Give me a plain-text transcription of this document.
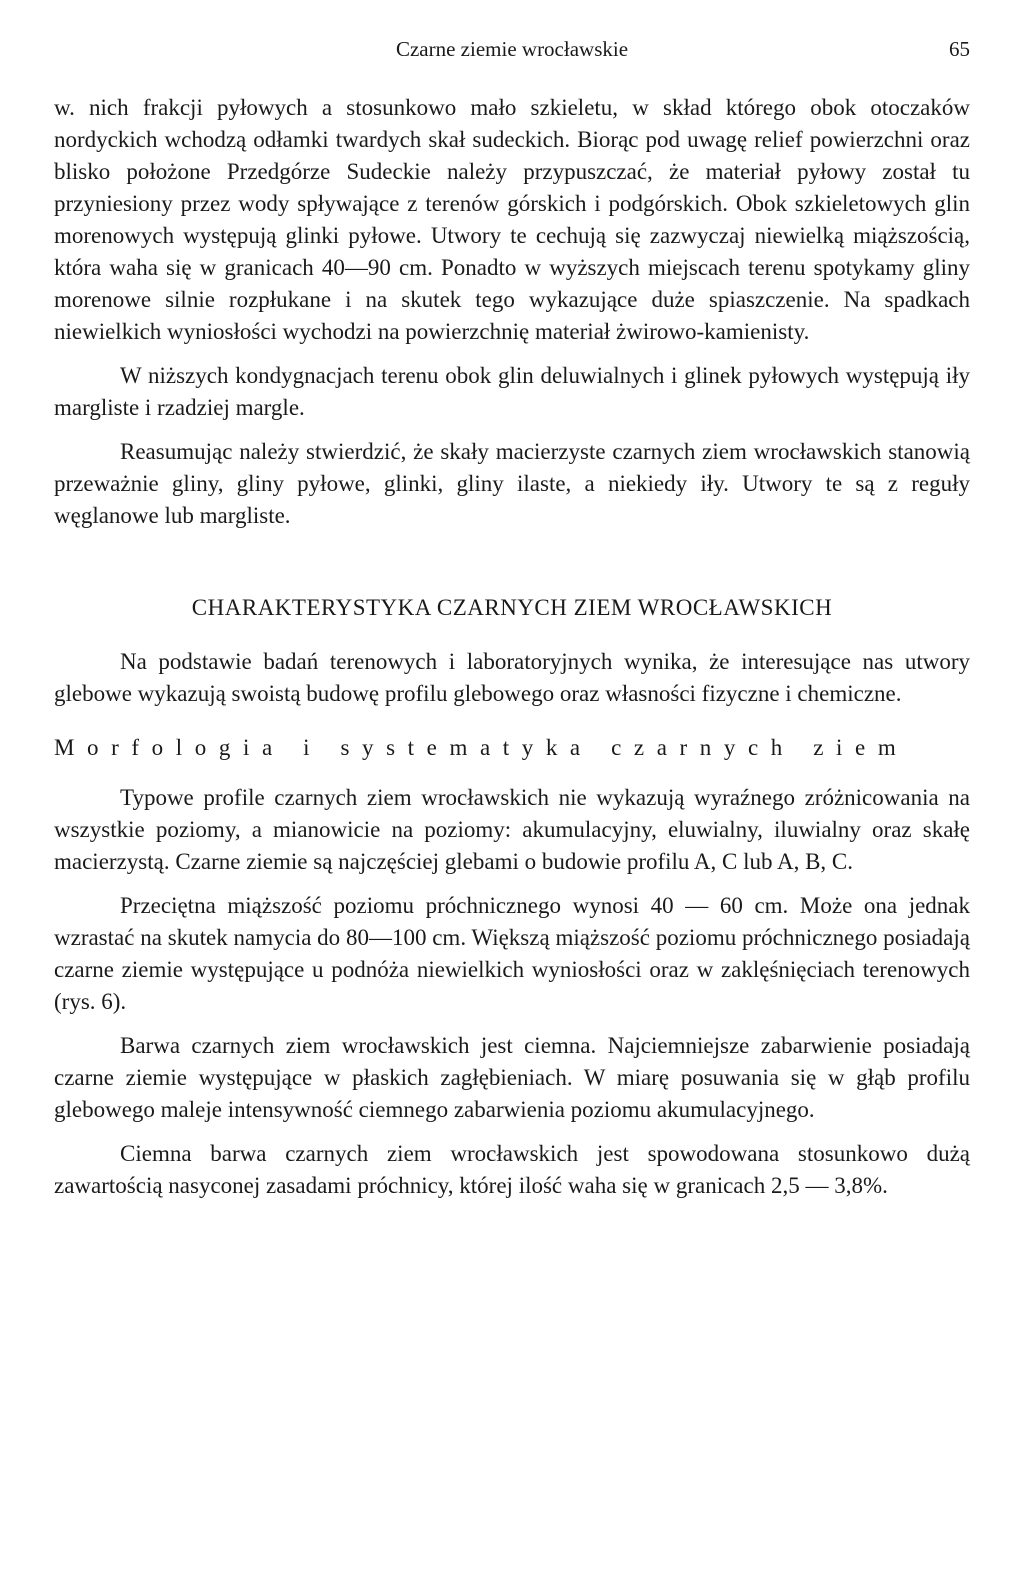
Czarne ziemie wrocławskie	65

w. nich frakcji pyłowych a stosunkowo mało szkieletu, w skład którego obok otoczaków nordyckich wchodzą odłamki twardych skał sudeckich. Biorąc pod uwagę relief powierzchni oraz blisko położone Przedgórze Sudeckie należy przypuszczać, że materiał pyłowy został tu przyniesiony przez wody spływające z terenów górskich i podgórskich. Obok szkieletowych glin morenowych występują glinki pyłowe. Utwory te cechują się zazwyczaj niewielką miąższością, która waha się w granicach 40—90 cm. Ponadto w wyższych miejscach terenu spotykamy gliny morenowe silnie rozpłukane i na skutek tego wykazujące duże spiaszczenie. Na spadkach niewielkich wyniosłości wychodzi na powierzchnię materiał żwirowo-kamienisty.

W niższych kondygnacjach terenu obok glin deluwialnych i glinek pyłowych występują iły margliste i rzadziej margle.

Reasumując należy stwierdzić, że skały macierzyste czarnych ziem wrocławskich stanowią przeważnie gliny, gliny pyłowe, glinki, gliny ilaste, a niekiedy iły. Utwory te są z reguły węglanowe lub margliste.

CHARAKTERYSTYKA CZARNYCH ZIEM WROCŁAWSKICH

Na podstawie badań terenowych i laboratoryjnych wynika, że interesujące nas utwory glebowe wykazują swoistą budowę profilu glebowego oraz własności fizyczne i chemiczne.

Morfologia i systematyka czarnych ziem

Typowe profile czarnych ziem wrocławskich nie wykazują wyraźnego zróżnicowania na wszystkie poziomy, a mianowicie na poziomy: akumulacyjny, eluwialny, iluwialny oraz skałę macierzystą. Czarne ziemie są najczęściej glebami o budowie profilu A, C lub A, B, C.

Przeciętna miąższość poziomu próchnicznego wynosi 40 — 60 cm. Może ona jednak wzrastać na skutek namycia do 80—100 cm. Większą miąższość poziomu próchnicznego posiadają czarne ziemie występujące u podnóża niewielkich wyniosłości oraz w zaklęśnięciach terenowych (rys. 6).

Barwa czarnych ziem wrocławskich jest ciemna. Najciemniejsze zabarwienie posiadają czarne ziemie występujące w płaskich zagłębieniach. W miarę posuwania się w głąb profilu glebowego maleje intensywność ciemnego zabarwienia poziomu akumulacyjnego.

Ciemna barwa czarnych ziem wrocławskich jest spowodowana stosunkowo dużą zawartością nasyconej zasadami próchnicy, której ilość waha się w granicach 2,5 — 3,8%.
